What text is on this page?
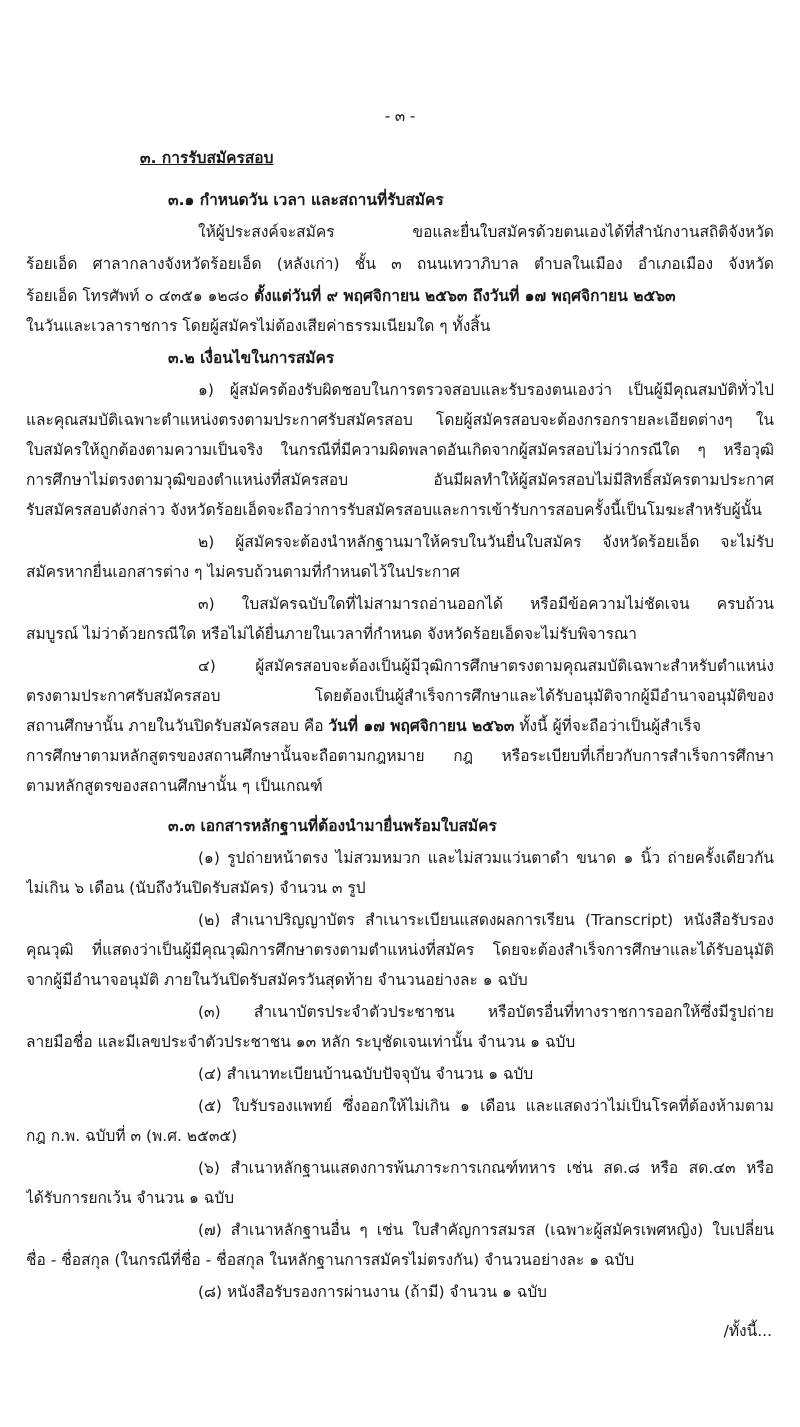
- ๓ -
๓. การรับสมัครสอบ
๓.๑ กำหนดวัน เวลา และสถานที่รับสมัคร
ให้ผู้ประสงค์จะสมัคร ขอและยื่นใบสมัครด้วยตนเองได้ที่สำนักงานสถิติจังหวัด
ร้อยเอ็ด ศาลากลางจังหวัดร้อยเอ็ด (หลังเก่า) ชั้น ๓ ถนนเทวาภิบาล ตำบลในเมือง อำเภอเมือง จังหวัด
ร้อยเอ็ด โทรศัพท์ ๐ ๔๓๕๑ ๑๒๘๐ ตั้งแต่วันที่ ๙ พฤศจิกายน ๒๕๖๓ ถึงวันที่ ๑๗ พฤศจิกายน ๒๕๖๓
ในวันและเวลาราชการ โดยผู้สมัครไม่ต้องเสียค่าธรรมเนียมใด ๆ ทั้งสิ้น
๓.๒ เงื่อนไขในการสมัคร
๑) ผู้สมัครต้องรับผิดชอบในการตรวจสอบและรับรองตนเองว่า เป็นผู้มีคุณสมบัติทั่วไป
และคุณสมบัติเฉพาะตำแหน่งตรงตามประกาศรับสมัครสอบ โดยผู้สมัครสอบจะต้องกรอกรายละเอียดต่างๆ ใน
ใบสมัครให้ถูกต้องตามความเป็นจริง ในกรณีที่มีความผิดพลาดอันเกิดจากผู้สมัครสอบไม่ว่ากรณีใด ๆ หรือวุฒิ
การศึกษาไม่ตรงตามวุฒิของตำแหน่งที่สมัครสอบ อันมีผลทำให้ผู้สมัครสอบไม่มีสิทธิ์สมัครตามประกาศ
รับสมัครสอบดังกล่าว จังหวัดร้อยเอ็ดจะถือว่าการรับสมัครสอบและการเข้ารับการสอบครั้งนี้เป็นโมฆะสำหรับผู้นั้น
๒) ผู้สมัครจะต้องนำหลักฐานมาให้ครบในวันยื่นใบสมัคร จังหวัดร้อยเอ็ด จะไม่รับ
สมัครหากยื่นเอกสารต่าง ๆ ไม่ครบถ้วนตามที่กำหนดไว้ในประกาศ
๓) ใบสมัครฉบับใดที่ไม่สามารถอ่านออกได้ หรือมีข้อความไม่ชัดเจน ครบถ้วน
สมบูรณ์ ไม่ว่าด้วยกรณีใด หรือไม่ได้ยื่นภายในเวลาที่กำหนด จังหวัดร้อยเอ็ดจะไม่รับพิจารณา
๔) ผู้สมัครสอบจะต้องเป็นผู้มีวุฒิการศึกษาตรงตามคุณสมบัติเฉพาะสำหรับตำแหน่ง
ตรงตามประกาศรับสมัครสอบ โดยต้องเป็นผู้สำเร็จการศึกษาและได้รับอนุมัติจากผู้มีอำนาจอนุมัติของ
สถานศึกษานั้น ภายในวันปิดรับสมัครสอบ คือ วันที่ ๑๗ พฤศจิกายน ๒๕๖๓ ทั้งนี้ ผู้ที่จะถือว่าเป็นผู้สำเร็จ
การศึกษาตามหลักสูตรของสถานศึกษานั้นจะถือตามกฎหมาย กฎ หรือระเบียบที่เกี่ยวกับการสำเร็จการศึกษา
ตามหลักสูตรของสถานศึกษานั้น ๆ เป็นเกณฑ์
๓.๓ เอกสารหลักฐานที่ต้องนำมายื่นพร้อมใบสมัคร
(๑) รูปถ่ายหน้าตรง ไม่สวมหมวก และไม่สวมแว่นตาดำ ขนาด ๑ นิ้ว ถ่ายครั้งเดียวกัน
ไม่เกิน ๖ เดือน (นับถึงวันปิดรับสมัคร) จำนวน ๓ รูป
(๒) สำเนาปริญญาบัตร สำเนาระเบียนแสดงผลการเรียน (Transcript) หนังสือรับรอง
คุณวุฒิ ที่แสดงว่าเป็นผู้มีคุณวุฒิการศึกษาตรงตามตำแหน่งที่สมัคร โดยจะต้องสำเร็จการศึกษาและได้รับอนุมัติ
จากผู้มีอำนาจอนุมัติ ภายในวันปิดรับสมัครวันสุดท้าย จำนวนอย่างละ ๑ ฉบับ
(๓) สำเนาบัตรประจำตัวประชาชน หรือบัตรอื่นที่ทางราชการออกให้ซึ่งมีรูปถ่าย
ลายมือชื่อ และมีเลขประจำตัวประชาชน ๑๓ หลัก ระบุชัดเจนเท่านั้น จำนวน ๑ ฉบับ
(๔) สำเนาทะเบียนบ้านฉบับปัจจุบัน จำนวน ๑ ฉบับ
(๕) ใบรับรองแพทย์ ซึ่งออกให้ไม่เกิน ๑ เดือน และแสดงว่าไม่เป็นโรคที่ต้องห้ามตาม
กฎ ก.พ. ฉบับที่ ๓ (พ.ศ. ๒๕๓๕)
(๖) สำเนาหลักฐานแสดงการพ้นภาระการเกณฑ์ทหาร เช่น สด.๘ หรือ สด.๔๓ หรือ
ได้รับการยกเว้น จำนวน ๑ ฉบับ
(๗) สำเนาหลักฐานอื่น ๆ เช่น ใบสำคัญการสมรส (เฉพาะผู้สมัครเพศหญิง) ใบเปลี่ยน
ชื่อ - ชื่อสกุล (ในกรณีที่ชื่อ - ชื่อสกุล ในหลักฐานการสมัครไม่ตรงกัน) จำนวนอย่างละ ๑ ฉบับ
(๘) หนังสือรับรองการผ่านงาน (ถ้ามี) จำนวน ๑ ฉบับ
/ทั้งนี้...
